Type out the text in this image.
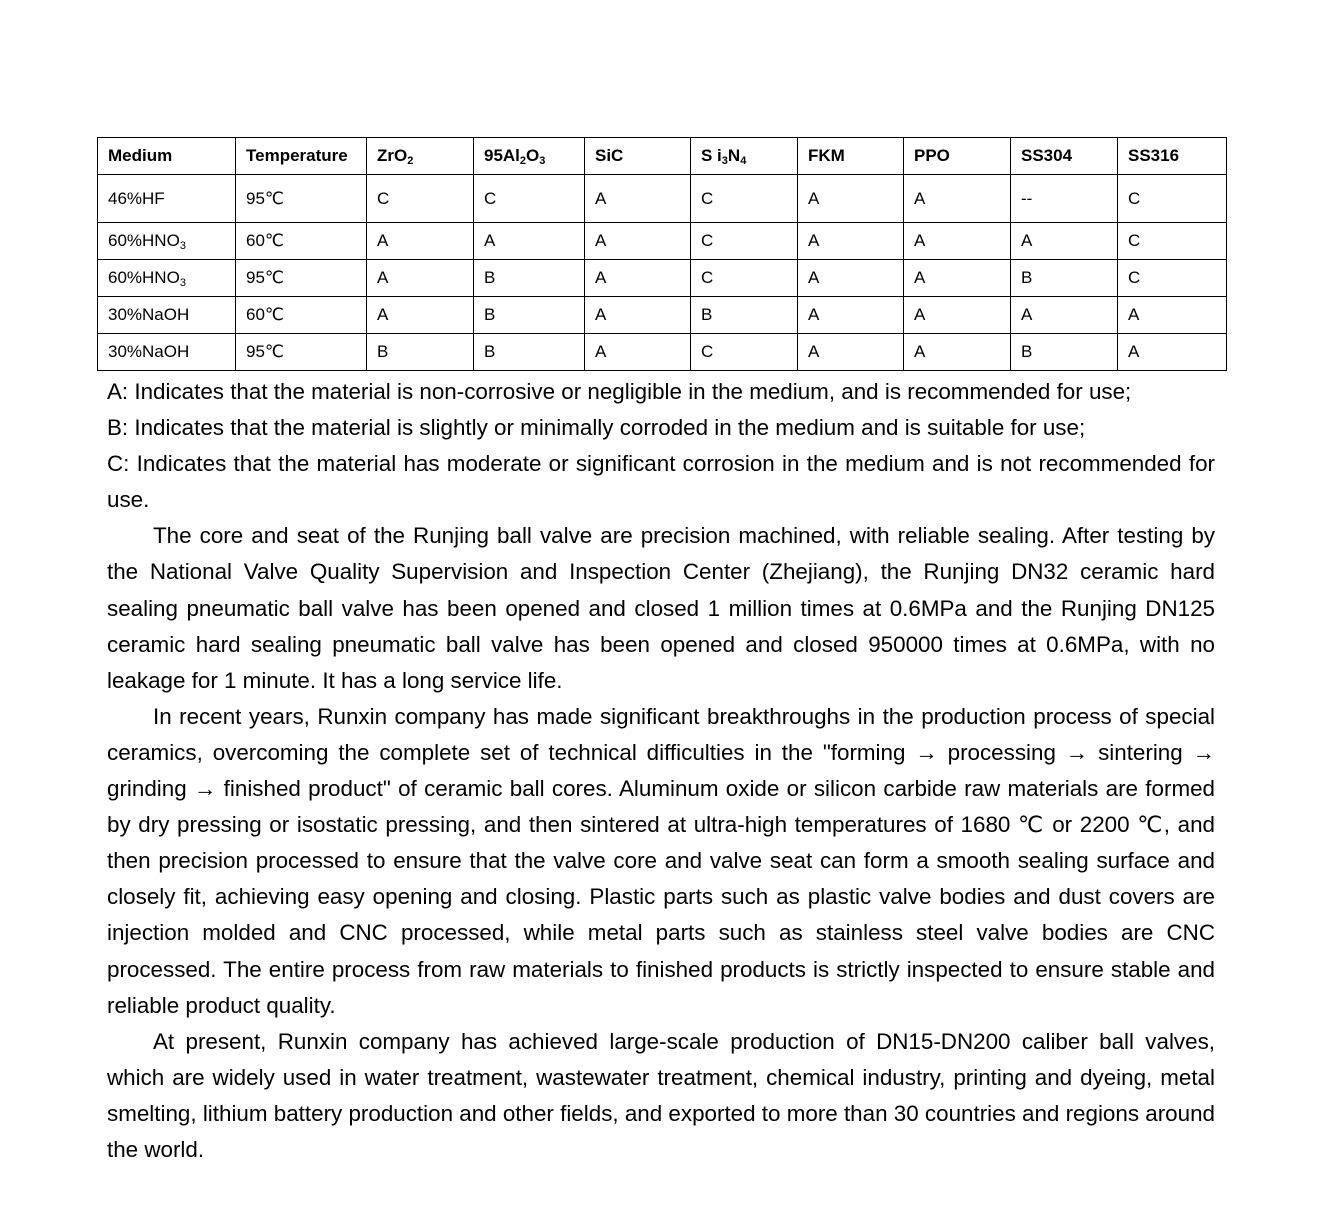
Medium	Temperature	ZrO$_2$	$95Al_2O_3$	SiC	S $i_3N_4$	FKM	PPO	SS304	SS316
46%HF	95℃	C	C	A	C	A	A	--	C
$60\%HNO_3$	60℃	A	A	A	C	A	A	A	C
$60\%HNO_3$	95℃	A	B	A	C	A	A	B	C
30%NaOH	60℃	A	B	A	B	A	A	A	A
30%NaOH	95℃	B	B	A	C	A	A	B	A

A: Indicates that the material is non-corrosive or negligible in the medium, and is recommended for use;

B: Indicates that the material is slightly or minimally corroded in the medium and is suitable for use;

C: Indicates that the material has moderate or significant corrosion in the medium and is not recommended for use.

The core and seat of the Runjing ball valve are precision machined, with reliable sealing. After testing by the National Valve Quality Supervision and Inspection Center (Zhejiang), the Runjing DN32 ceramic hard sealing pneumatic ball valve has been opened and closed 1 million times at 0.6MPa and the Runjing DN125 ceramic hard sealing pneumatic ball valve has been opened and closed 950000 times at 0.6MPa, with no leakage for 1 minute. It has a long service life.

In recent years, Runxin company has made significant breakthroughs in the production process of special ceramics, overcoming the complete set of technical difficulties in the "forming → processing → sintering → grinding → finished product" of ceramic ball cores. Aluminum oxide or silicon carbide raw materials are formed by dry pressing or isostatic pressing, and then sintered at ultra-high temperatures of 1680 ℃ or 2200 ℃, and then precision processed to ensure that the valve core and valve seat can form a smooth sealing surface and closely fit, achieving easy opening and closing. Plastic parts such as plastic valve bodies and dust covers are injection molded and CNC processed, while metal parts such as stainless steel valve bodies are CNC processed. The entire process from raw materials to finished products is strictly inspected to ensure stable and reliable product quality.

At present, Runxin company has achieved large-scale production of DN15-DN200 caliber ball valves, which are widely used in water treatment, wastewater treatment, chemical industry, printing and dyeing, metal smelting, lithium battery production and other fields, and exported to more than 30 countries and regions around the world.
